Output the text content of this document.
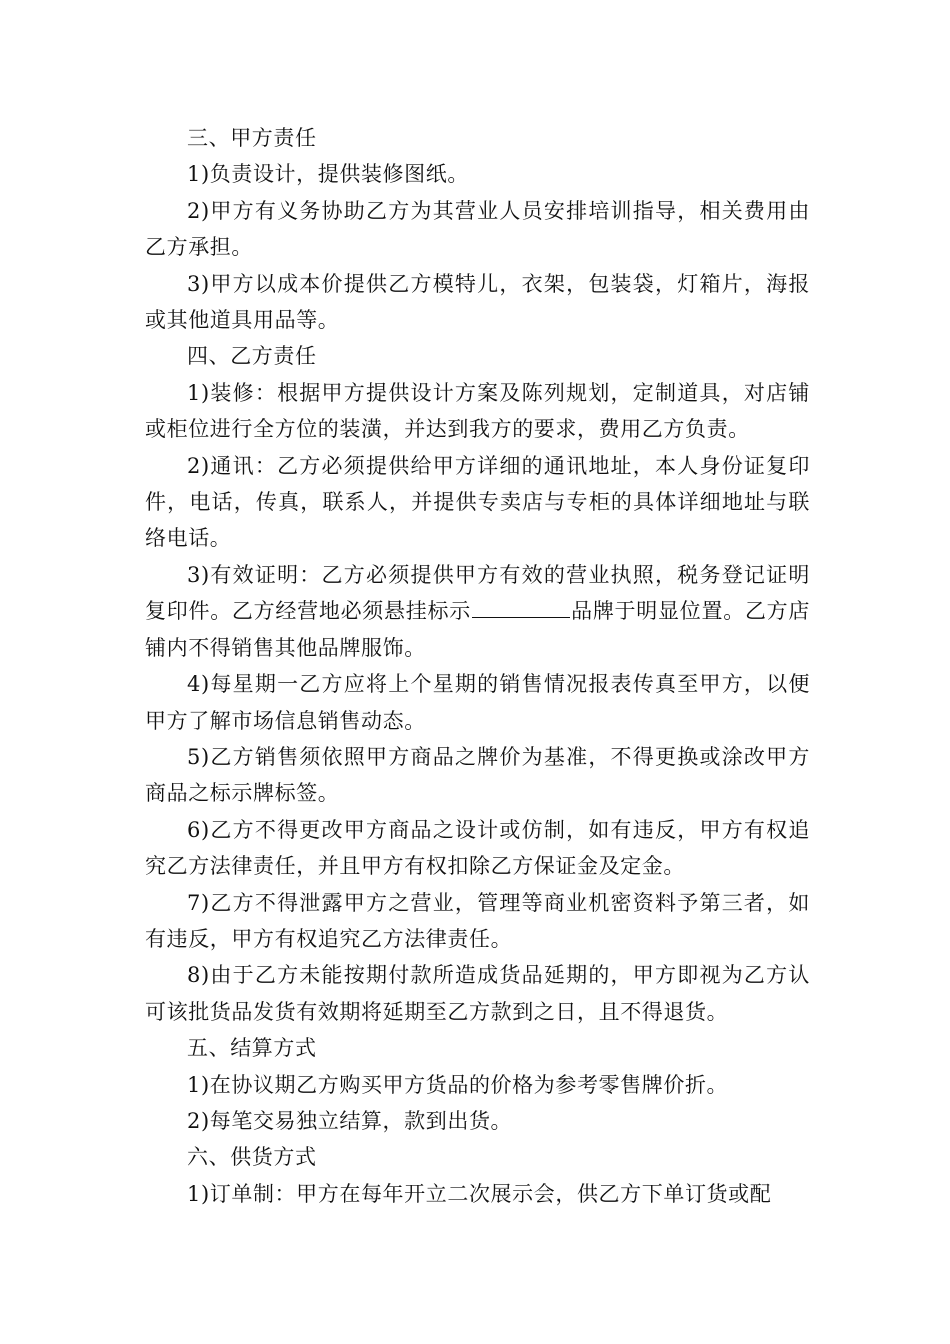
三、甲方责任

1)负责设计，提供装修图纸。

2)甲方有义务协助乙方为其营业人员安排培训指导，相关费用由乙方承担。

3)甲方以成本价提供乙方模特儿，衣架，包装袋，灯箱片，海报或其他道具用品等。

四、乙方责任

1)装修：根据甲方提供设计方案及陈列规划，定制道具，对店铺或柜位进行全方位的装潢，并达到我方的要求，费用乙方负责。

2)通讯：乙方必须提供给甲方详细的通讯地址，本人身份证复印件，电话，传真，联系人，并提供专卖店与专柜的具体详细地址与联络电话。

3)有效证明：乙方必须提供甲方有效的营业执照，税务登记证明复印件。乙方经营地必须悬挂标示	品牌于明显位置。乙方店铺内不得销售其他品牌服饰。

4)每星期一乙方应将上个星期的销售情况报表传真至甲方，以便甲方了解市场信息销售动态。

5)乙方销售须依照甲方商品之牌价为基准，不得更换或涂改甲方商品之标示牌标签。

6)乙方不得更改甲方商品之设计或仿制，如有违反，甲方有权追究乙方法律责任，并且甲方有权扣除乙方保证金及定金。

7)乙方不得泄露甲方之营业，管理等商业机密资料予第三者，如有违反，甲方有权追究乙方法律责任。

8)由于乙方未能按期付款所造成货品延期的，甲方即视为乙方认可该批货品发货有效期将延期至乙方款到之日，且不得退货。

五、结算方式

1)在协议期乙方购买甲方货品的价格为参考零售牌价折。

2)每笔交易独立结算，款到出货。

六、供货方式

1)订单制：甲方在每年开立二次展示会，供乙方下单订货或配
